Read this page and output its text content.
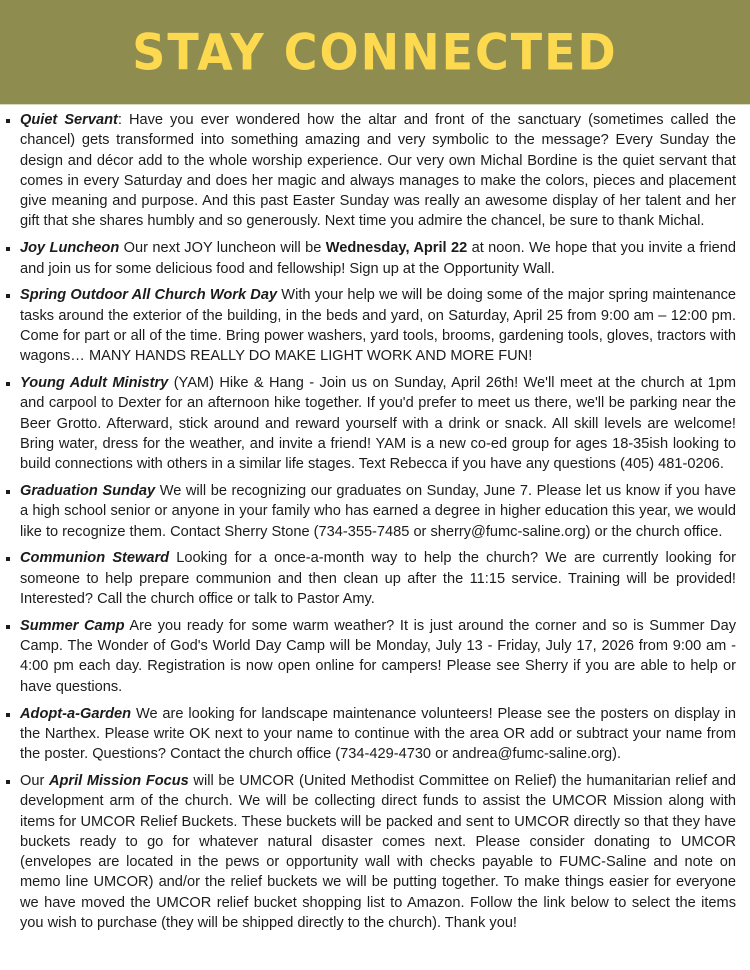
STAY CONNECTED
Quiet Servant: Have you ever wondered how the altar and front of the sanctuary (sometimes called the chancel) gets transformed into something amazing and very symbolic to the message? Every Sunday the design and décor add to the whole worship experience. Our very own Michal Bordine is the quiet servant that comes in every Saturday and does her magic and always manages to make the colors, pieces and placement give meaning and purpose. And this past Easter Sunday was really an awesome display of her talent and her gift that she shares humbly and so generously. Next time you admire the chancel, be sure to thank Michal.
Joy Luncheon Our next JOY luncheon will be Wednesday, April 22 at noon. We hope that you invite a friend and join us for some delicious food and fellowship! Sign up at the Opportunity Wall.
Spring Outdoor All Church Work Day With your help we will be doing some of the major spring maintenance tasks around the exterior of the building, in the beds and yard, on Saturday, April 25 from 9:00 am – 12:00 pm. Come for part or all of the time. Bring power washers, yard tools, brooms, gardening tools, gloves, tractors with wagons… MANY HANDS REALLY DO MAKE LIGHT WORK AND MORE FUN!
Young Adult Ministry (YAM) Hike & Hang - Join us on Sunday, April 26th! We'll meet at the church at 1pm and carpool to Dexter for an afternoon hike together. If you'd prefer to meet us there, we'll be parking near the Beer Grotto. Afterward, stick around and reward yourself with a drink or snack. All skill levels are welcome! Bring water, dress for the weather, and invite a friend! YAM is a new co-ed group for ages 18-35ish looking to build connections with others in a similar life stages. Text Rebecca if you have any questions (405) 481-0206.
Graduation Sunday We will be recognizing our graduates on Sunday, June 7. Please let us know if you have a high school senior or anyone in your family who has earned a degree in higher education this year, we would like to recognize them. Contact Sherry Stone (734-355-7485 or sherry@fumc-saline.org) or the church office.
Communion Steward Looking for a once-a-month way to help the church? We are currently looking for someone to help prepare communion and then clean up after the 11:15 service. Training will be provided! Interested? Call the church office or talk to Pastor Amy.
Summer Camp Are you ready for some warm weather? It is just around the corner and so is Summer Day Camp. The Wonder of God's World Day Camp will be Monday, July 13 - Friday, July 17, 2026 from 9:00 am - 4:00 pm each day. Registration is now open online for campers! Please see Sherry if you are able to help or have questions.
Adopt-a-Garden We are looking for landscape maintenance volunteers! Please see the posters on display in the Narthex. Please write OK next to your name to continue with the area OR add or subtract your name from the poster. Questions? Contact the church office (734-429-4730 or andrea@fumc-saline.org).
Our April Mission Focus will be UMCOR (United Methodist Committee on Relief) the humanitarian relief and development arm of the church. We will be collecting direct funds to assist the UMCOR Mission along with items for UMCOR Relief Buckets. These buckets will be packed and sent to UMCOR directly so that they have buckets ready to go for whatever natural disaster comes next. Please consider donating to UMCOR (envelopes are located in the pews or opportunity wall with checks payable to FUMC-Saline and note on memo line UMCOR) and/or the relief buckets we will be putting together. To make things easier for everyone we have moved the UMCOR relief bucket shopping list to Amazon. Follow the link below to select the items you wish to purchase (they will be shipped directly to the church). Thank you!
